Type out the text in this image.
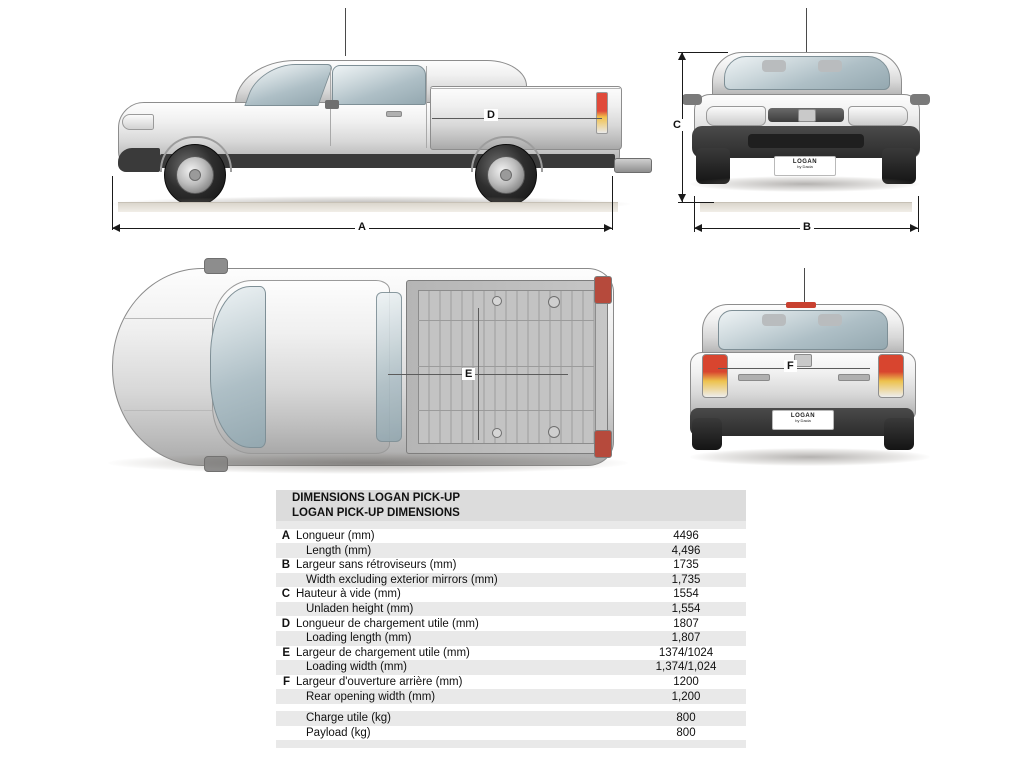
D
A
LOGAN
by Dacia
C
B
E
LOGAN
by Dacia
F
DIMENSIONS LOGAN PICK-UP
LOGAN PICK-UP DIMENSIONS
A Longueur (mm)	4496
Length (mm)	4,496
B Largeur sans rétroviseurs (mm)	1735
Width excluding exterior mirrors (mm)	1,735
C Hauteur à vide (mm)	1554
Unladen height (mm)	1,554
D Longueur de chargement utile (mm)	1807
Loading length (mm)	1,807
E Largeur de chargement utile (mm)	1374/1024
Loading width (mm)	1,374/1,024
F Largeur d'ouverture arrière (mm)	1200
Rear opening width (mm)	1,200
Charge utile (kg)	800
Payload (kg)	800
